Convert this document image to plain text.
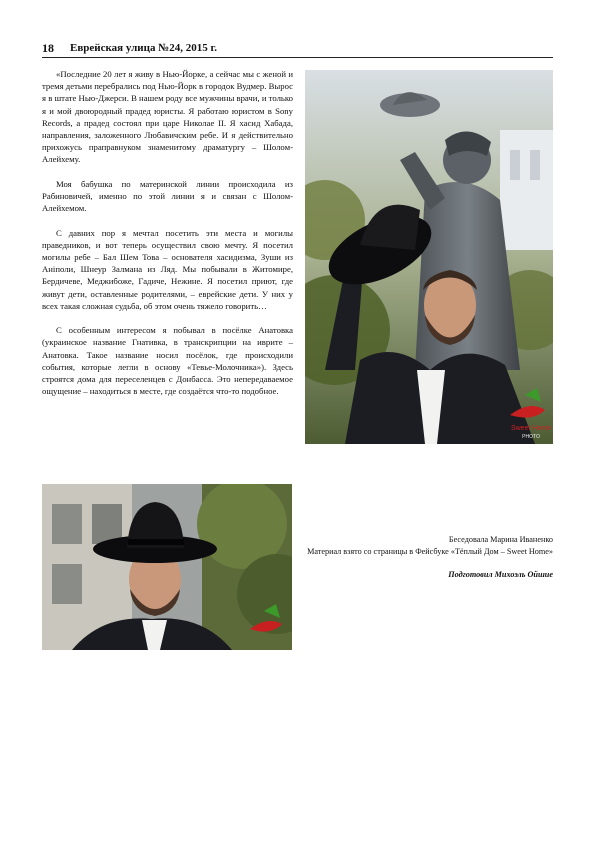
18 Еврейская улица №24, 2015 г.

«Последние 20 лет я живу в Нью-Йорке, а сейчас мы с женой и тремя детьми перебрались под Нью-Йорк в городок Вудмер. Вырос я в штате Нью-Джерси. В нашем роду все мужчины врачи, и только я и мой двоюродный прадед юристы. Я работаю юристом в Sony Records, а прадед состоял при царе Николае II. Я хасид Хабада, направления, заложенного Любавичским ребе. И я действительно прихожусь праправнуком знаменитому драматургу – Шолом-Алейхему.

Моя бабушка по материнской линии происходила из Рабиновичей, именно по этой линии я и связан с Шолом-Алейхемом.

С давних пор я мечтал посетить эти места и могилы праведников, и вот теперь осуществил свою мечту. Я посетил могилы ребе – Бал Шем Това – основателя хасидизма, Зуши из Анiполи, Шнеур Залмана из Ляд. Мы побывали в Житомире, Бердичеве, Меджибоже, Гадиче, Нежине. Я посетил приют, где живут дети, оставленные родителями, – еврейские дети. У них у всех такая сложная судьба, об этом очень тяжело говорить…

С особенным интересом я побывал в посёлке Анатовка (украинское название Гнативка, в транскрипции на иврите – Анатовка. Такое название носил посёлок, где происходили события, которые легли в основу «Тевье-Молочника»). Здесь строятся дома для переселенцев с Донбасса. Это непередаваемое ощущение – находиться в месте, где создаётся что-то подобное.

Sweet Home
PHOTO
Беседовала Марина Иваненко
Материал взято со страницы в Фейсбуке «Тёплый Дом – Sweet Home»
Подготовил Михоэль Ойшие
